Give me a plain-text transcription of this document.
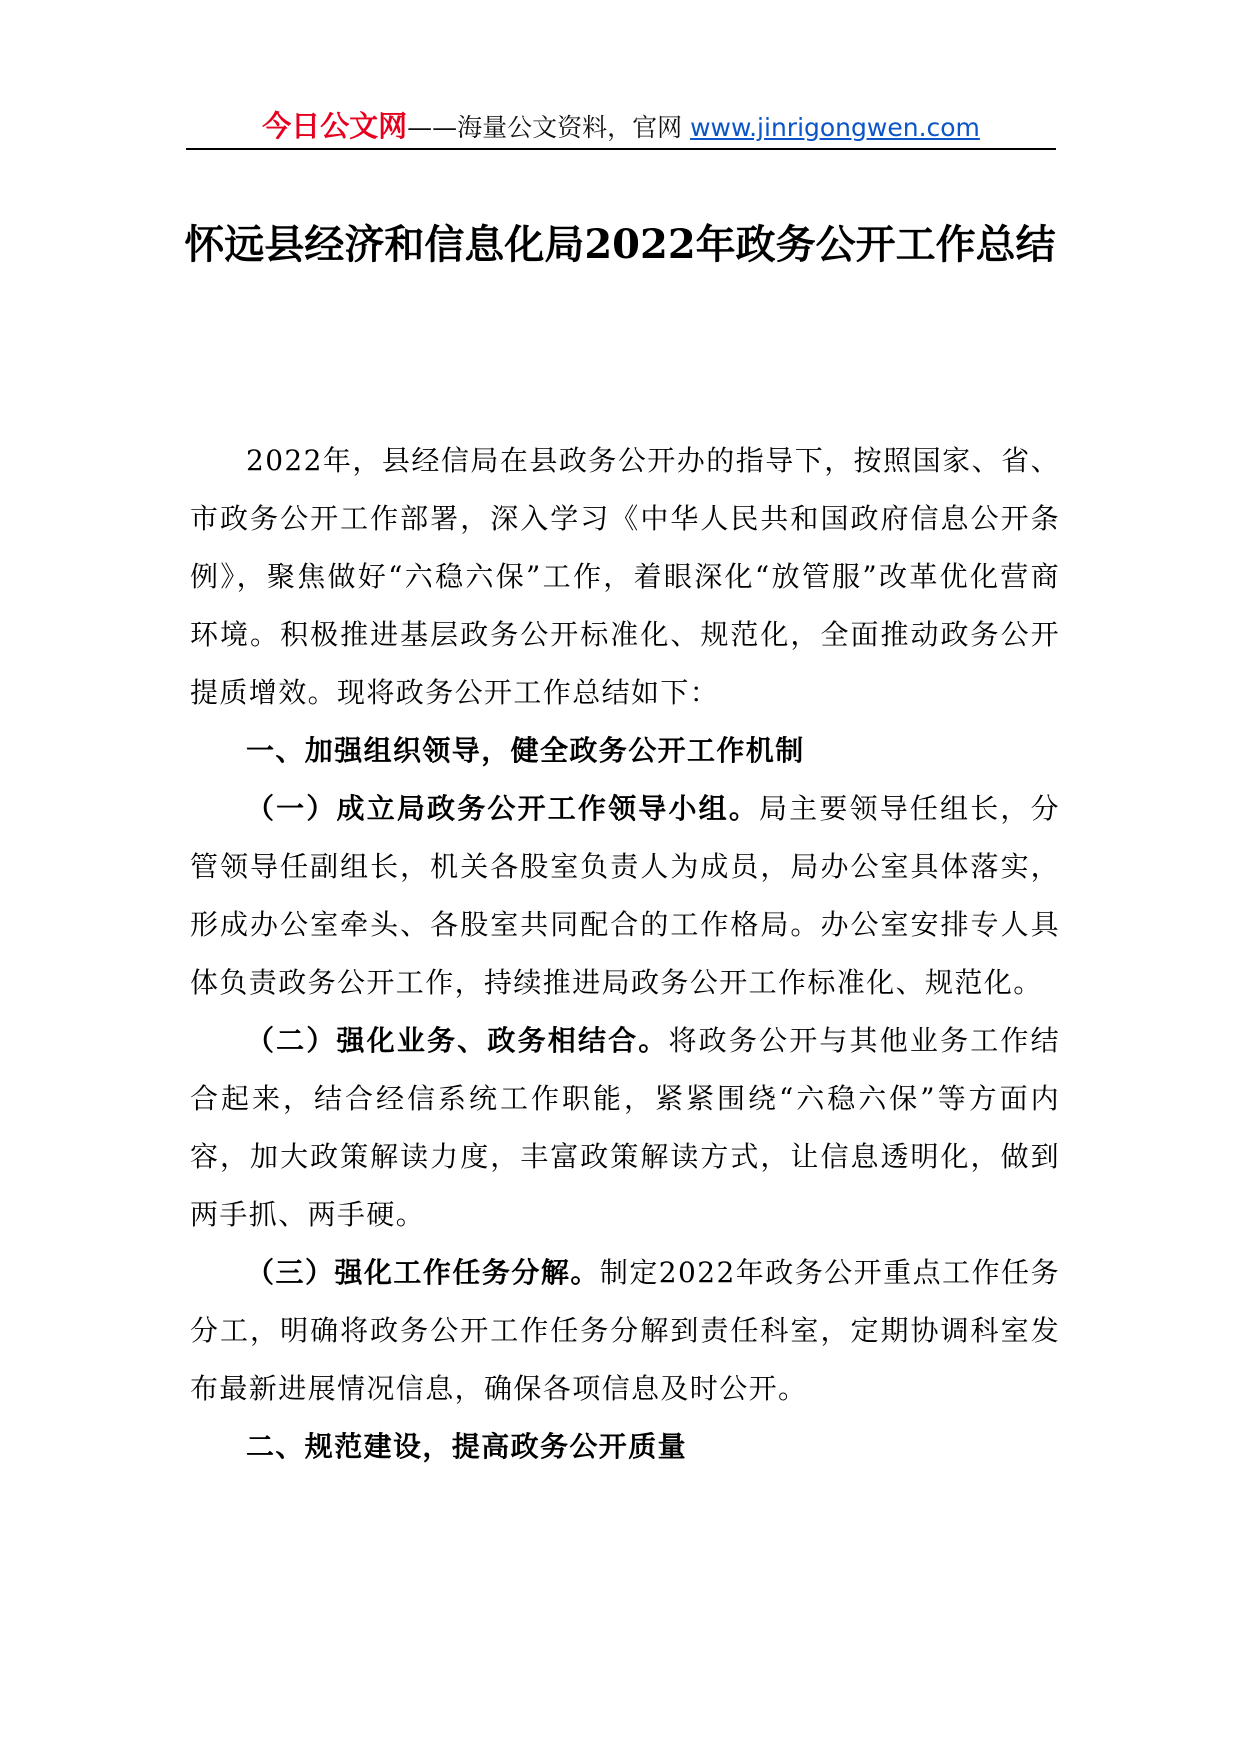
今日公文网——海量公文资料，官网 www.jinrigongwen.com
怀远县经济和信息化局2022年政务公开工作总结

2022年，县经信局在县政务公开办的指导下，按照国家、省、市政务公开工作部署，深入学习《中华人民共和国政府信息公开条例》，聚焦做好“六稳六保”工作，着眼深化“放管服”改革优化营商环境。积极推进基层政务公开标准化、规范化，全面推动政务公开提质增效。现将政务公开工作总结如下：

一、加强组织领导，健全政务公开工作机制

（一）成立局政务公开工作领导小组。局主要领导任组长，分管领导任副组长，机关各股室负责人为成员，局办公室具体落实，形成办公室牵头、各股室共同配合的工作格局。办公室安排专人具体负责政务公开工作，持续推进局政务公开工作标准化、规范化。

（二）强化业务、政务相结合。将政务公开与其他业务工作结合起来，结合经信系统工作职能，紧紧围绕“六稳六保”等方面内容，加大政策解读力度，丰富政策解读方式，让信息透明化，做到两手抓、两手硬。

（三）强化工作任务分解。制定2022年政务公开重点工作任务分工，明确将政务公开工作任务分解到责任科室，定期协调科室发布最新进展情况信息，确保各项信息及时公开。

二、规范建设，提高政务公开质量
